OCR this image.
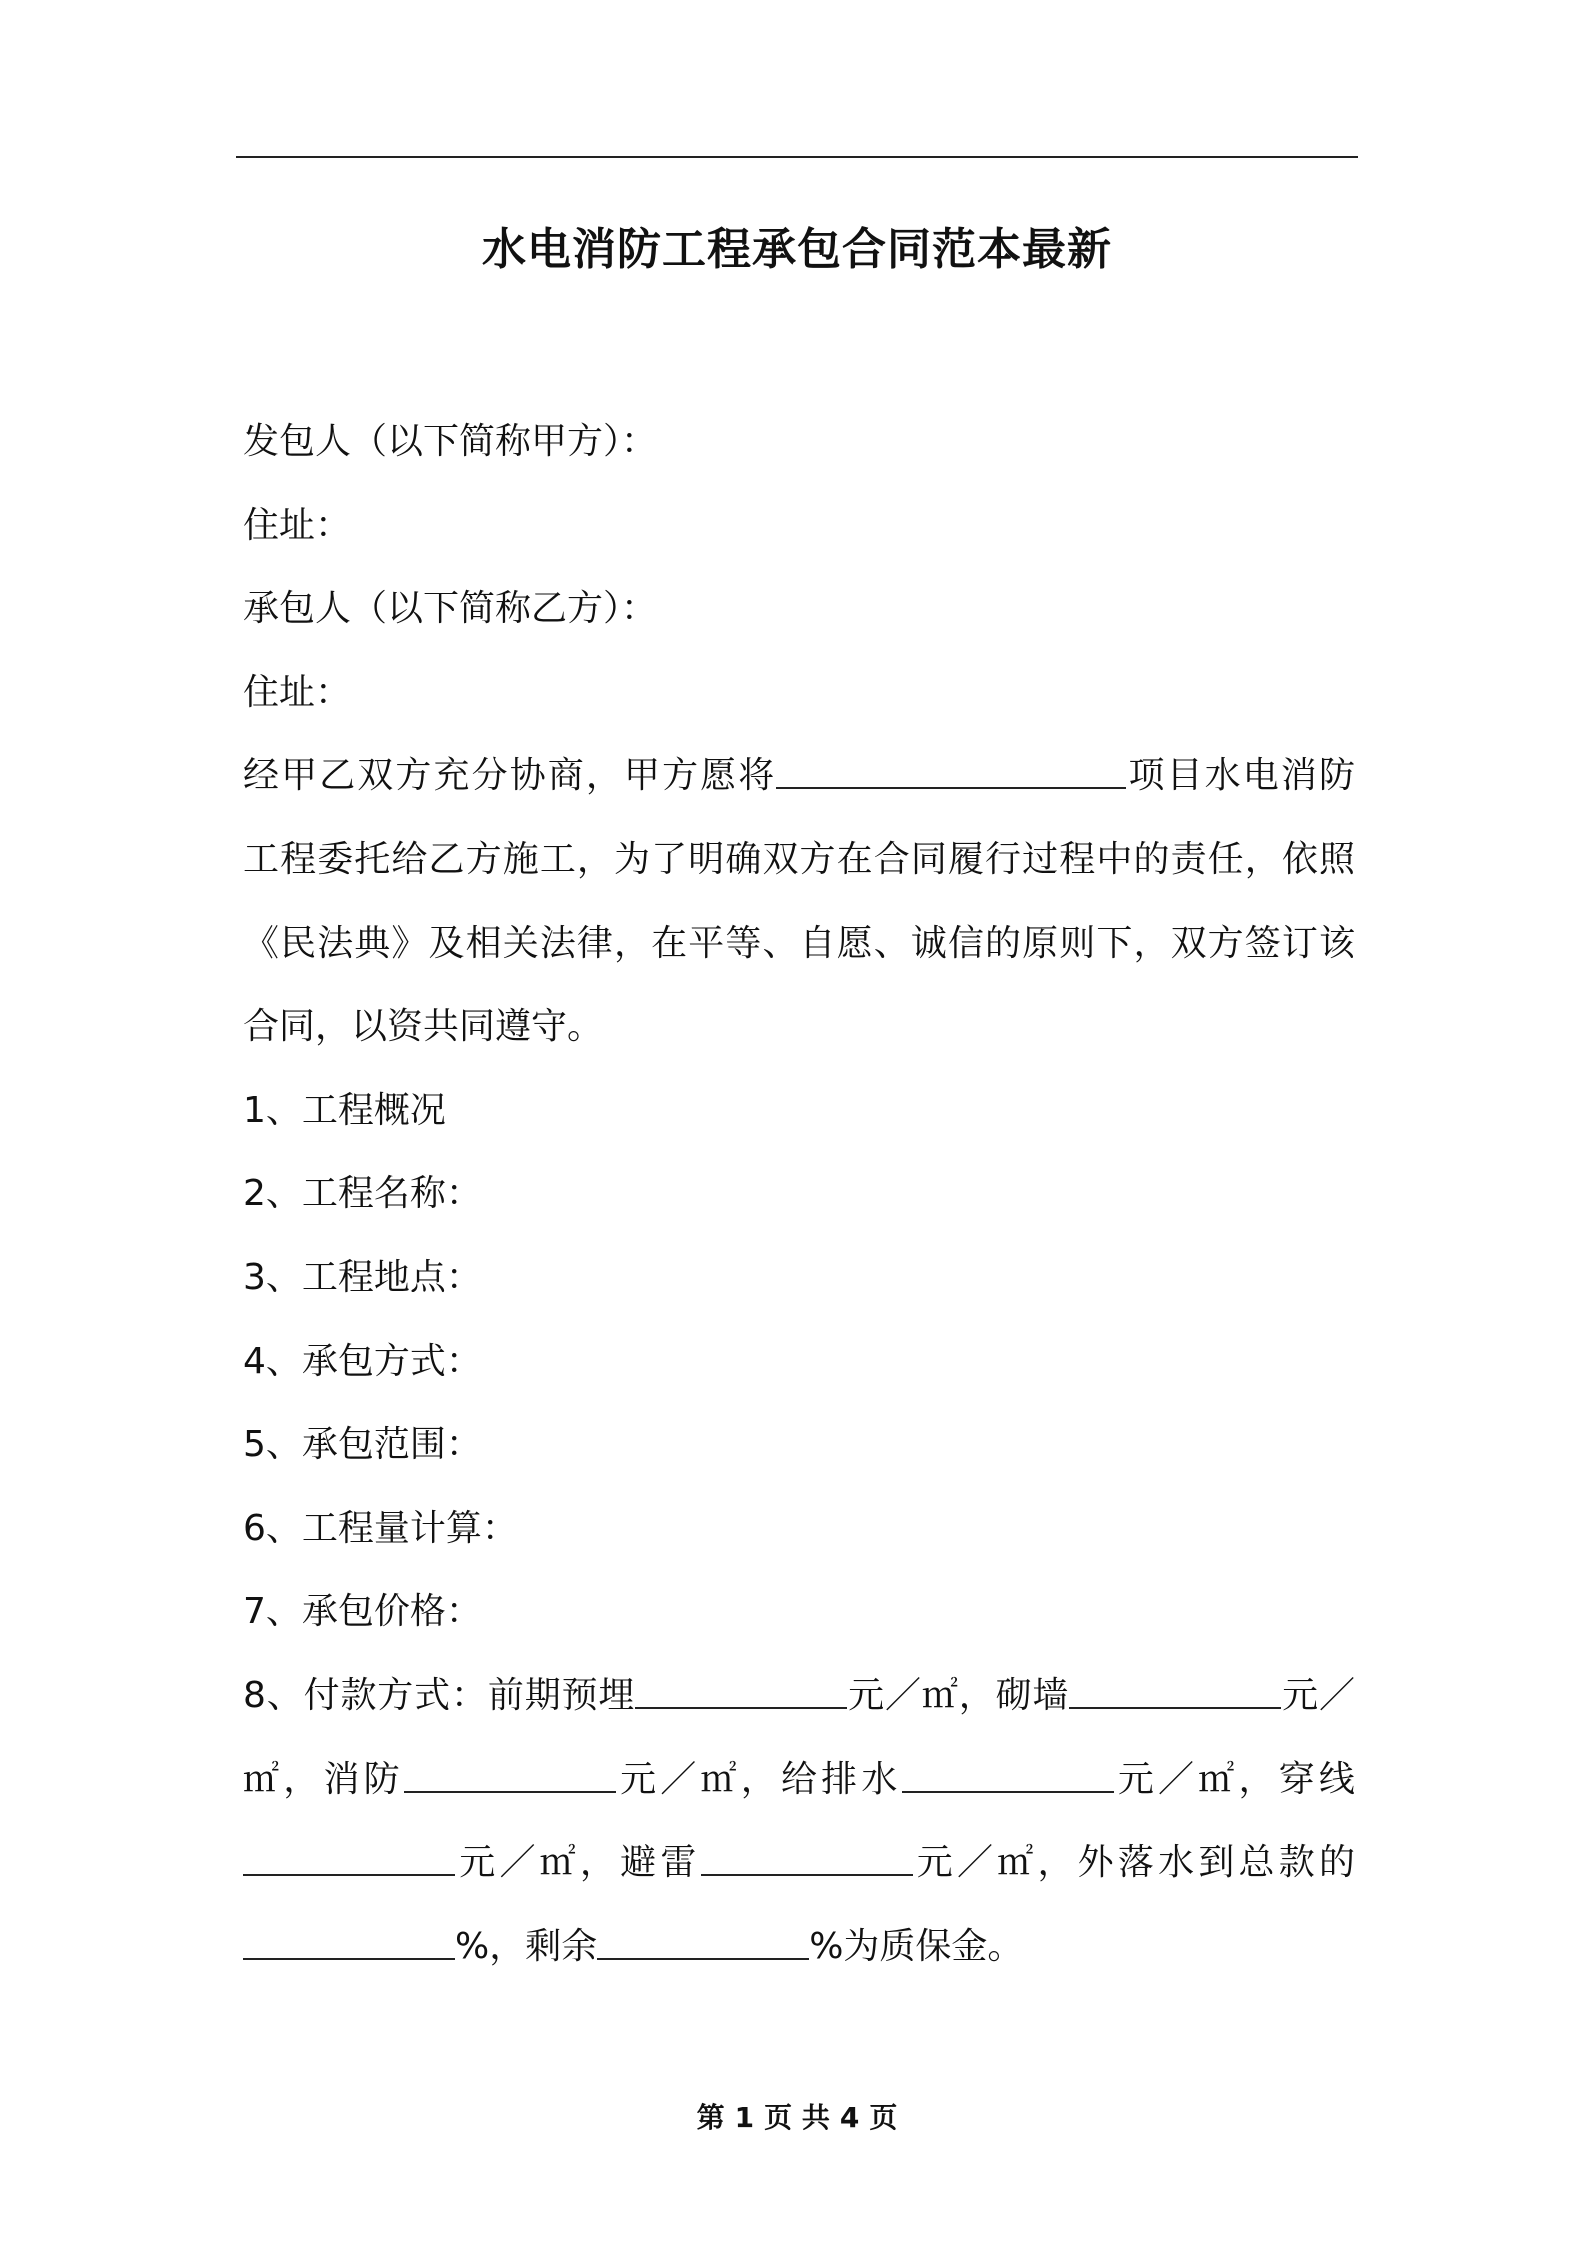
水电消防工程承包合同范本最新
发包人（以下简称甲方）：
住址：
承包人（以下简称乙方）：
住址：
经甲乙双方充分协商，甲方愿将	项目水电消防
工程委托给乙方施工，为了明确双方在合同履行过程中的责任，依照
《民法典》及相关法律，在平等、自愿、诚信的原则下，双方签订该
合同，以资共同遵守。
1、工程概况
2、工程名称：
3、工程地点：
4、承包方式：
5、承包范围：
6、工程量计算：
7、承包价格：
8、付款方式：前期预埋	元／㎡，砌墙	元／
㎡，消防	元／㎡，给排水	元／㎡，穿线
元／㎡，避雷	元／㎡，外落水到总款的
%，剩余	%为质保金。
第 1 页 共 4 页
